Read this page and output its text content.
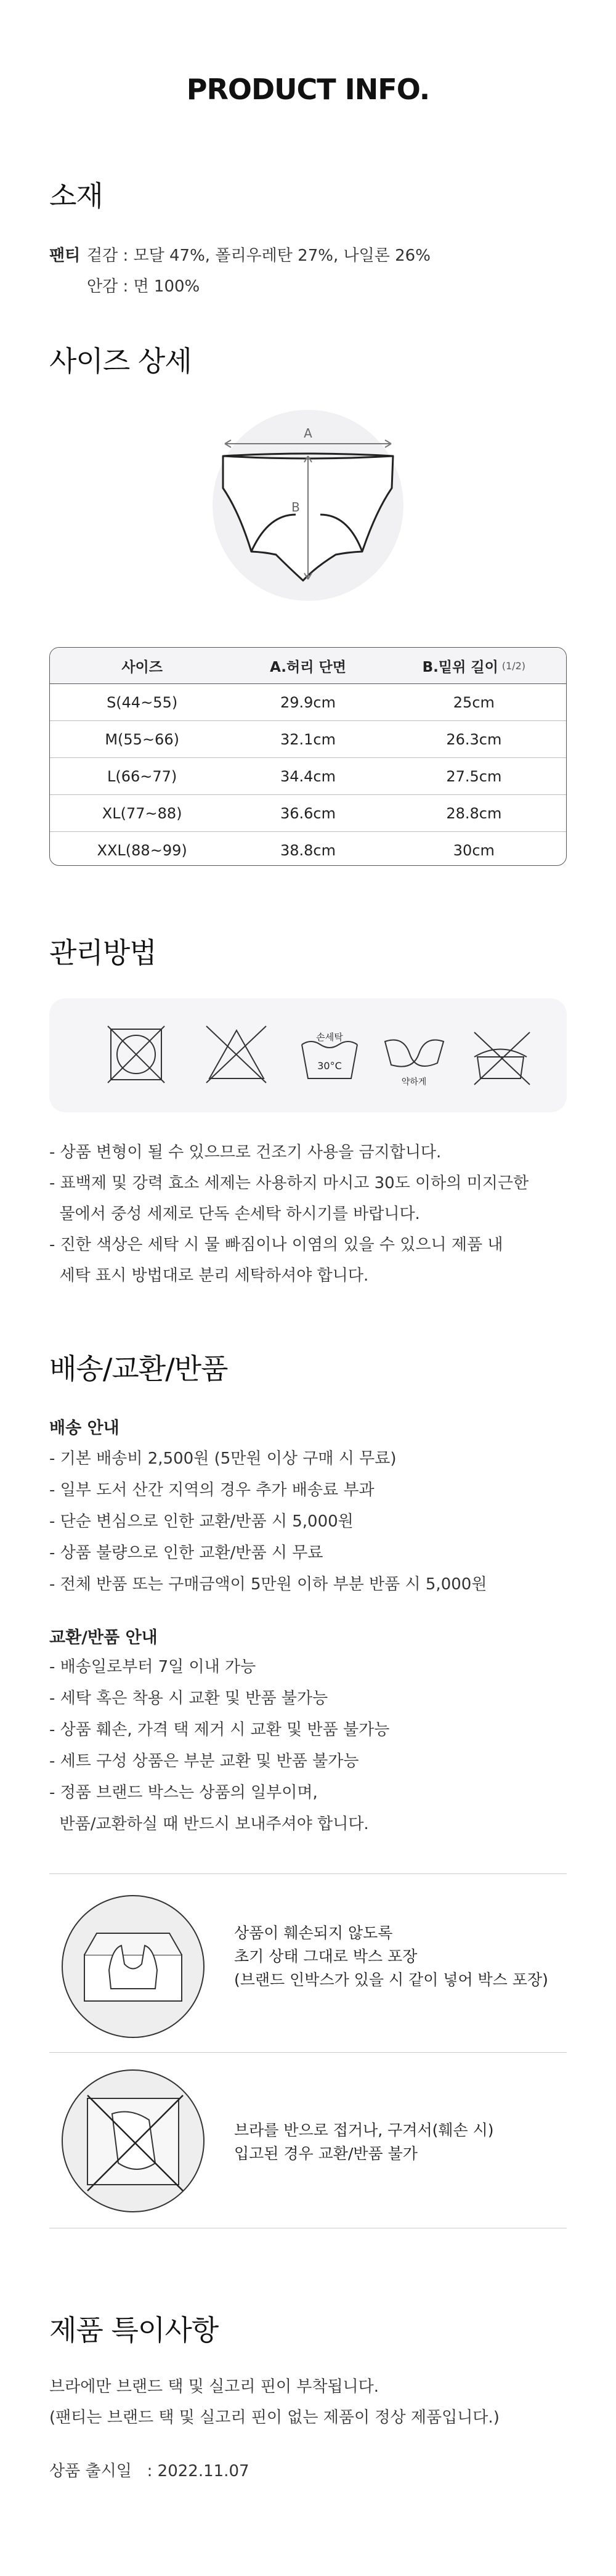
PRODUCT INFO.
소재
팬티 겉감 : 모달 47%, 폴리우레탄 27%, 나일론 26%
안감 : 면 100%
사이즈 상세
A
B
사이즈	A.허리 단면	B.밑위 길이 (1/2)
S(44~55)	29.9cm	25cm
M(55~66)	32.1cm	26.3cm
L(66~77)	34.4cm	27.5cm
XL(77~88)	36.6cm	28.8cm
XXL(88~99)	38.8cm	30cm
관리방법
손세탁
30°C
약하게
- 상품 변형이 될 수 있으므로 건조기 사용을 금지합니다.
- 표백제 및 강력 효소 세제는 사용하지 마시고 30도 이하의 미지근한
물에서 중성 세제로 단독 손세탁 하시기를 바랍니다.
- 진한 색상은 세탁 시 물 빠짐이나 이염의 있을 수 있으니 제품 내
세탁 표시 방법대로 분리 세탁하셔야 합니다.
배송/교환/반품
배송 안내
- 기본 배송비 2,500원 (5만원 이상 구매 시 무료)
- 일부 도서 산간 지역의 경우 추가 배송료 부과
- 단순 변심으로 인한 교환/반품 시 5,000원
- 상품 불량으로 인한 교환/반품 시 무료
- 전체 반품 또는 구매금액이 5만원 이하 부분 반품 시 5,000원
교환/반품 안내
- 배송일로부터 7일 이내 가능
- 세탁 혹은 착용 시 교환 및 반품 불가능
- 상품 훼손, 가격 택 제거 시 교환 및 반품 불가능
- 세트 구성 상품은 부분 교환 및 반품 불가능
- 정품 브랜드 박스는 상품의 일부이며,
반품/교환하실 때 반드시 보내주셔야 합니다.
상품이 훼손되지 않도록
초기 상태 그대로 박스 포장
(브랜드 인박스가 있을 시 같이 넣어 박스 포장)
브라를 반으로 접거나, 구겨서(훼손 시)
입고된 경우 교환/반품 불가
제품 특이사항
브라에만 브랜드 택 및 실고리 핀이 부착됩니다.
(팬티는 브랜드 택 및 실고리 핀이 없는 제품이 정상 제품입니다.)
상품 출시일   : 2022.11.07
